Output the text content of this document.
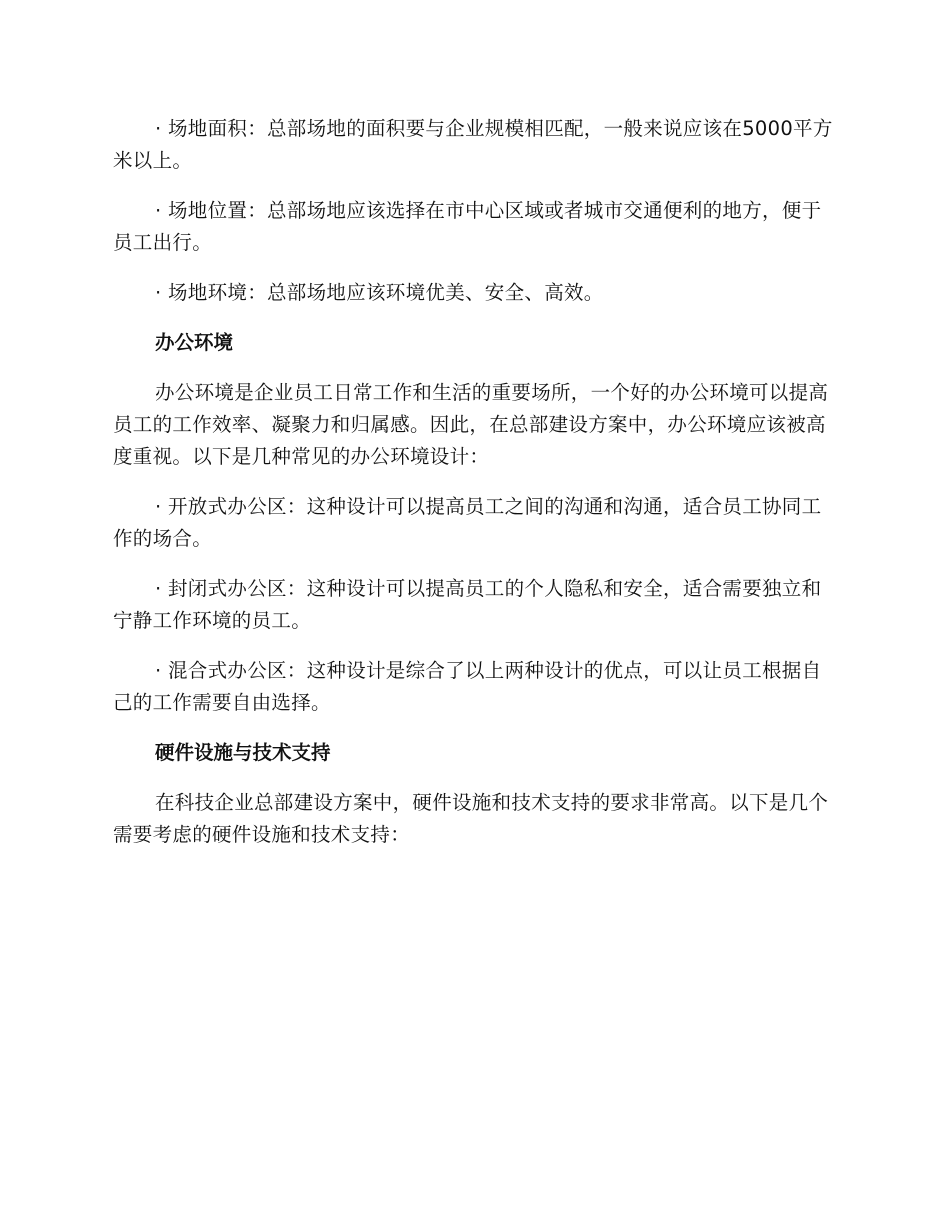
· 场地面积：总部场地的面积要与企业规模相匹配，一般来说应该在5000平方米以上。

· 场地位置：总部场地应该选择在市中心区域或者城市交通便利的地方，便于员工出行。

· 场地环境：总部场地应该环境优美、安全、高效。

办公环境

办公环境是企业员工日常工作和生活的重要场所，一个好的办公环境可以提高员工的工作效率、凝聚力和归属感。因此，在总部建设方案中，办公环境应该被高度重视。以下是几种常见的办公环境设计：

· 开放式办公区：这种设计可以提高员工之间的沟通和沟通，适合员工协同工作的场合。

· 封闭式办公区：这种设计可以提高员工的个人隐私和安全，适合需要独立和宁静工作环境的员工。

· 混合式办公区：这种设计是综合了以上两种设计的优点，可以让员工根据自己的工作需要自由选择。

硬件设施与技术支持

在科技企业总部建设方案中，硬件设施和技术支持的要求非常高。以下是几个需要考虑的硬件设施和技术支持：
